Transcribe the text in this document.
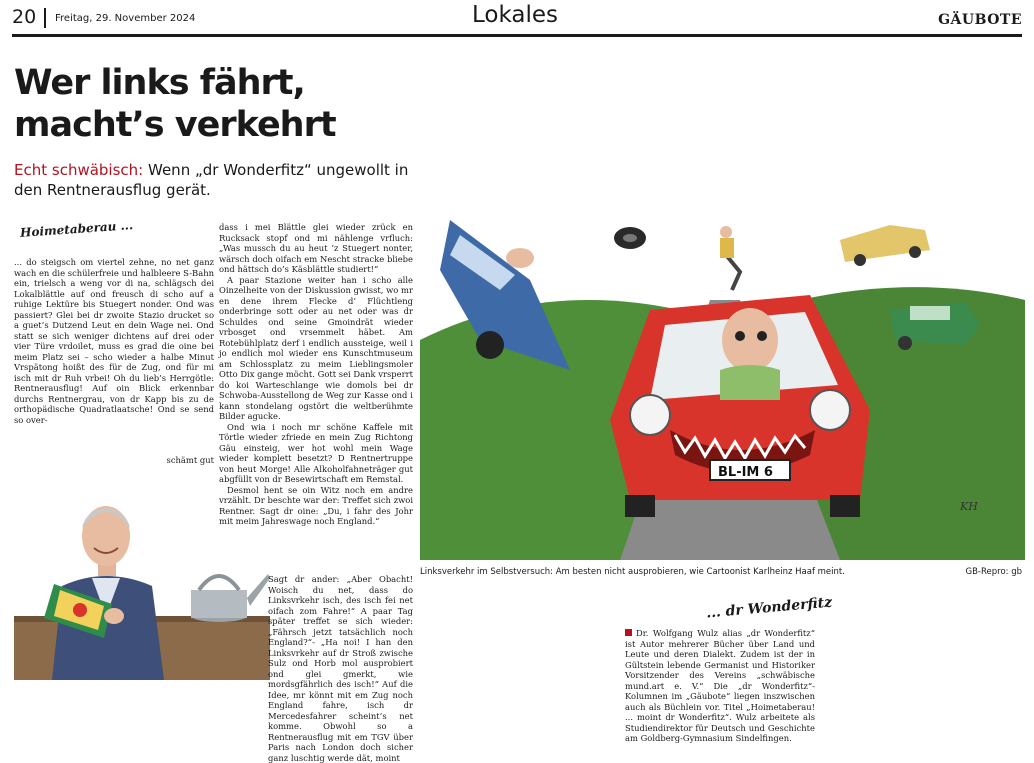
20 Freitag, 29. November 2024	Lokales	GÄUBOTE
Wer links fährt,
macht’s verkehrt
Echt schwäbisch: Wenn „dr Wonderfitz“ ungewollt in den Rentnerausflug gerät.
Hoimetaberau ...

... do steigsch om viertel zehne, no net ganz wach en die schülerfreie und halbleere S-Bahn ein, trielsch a weng vor di na, schlägsch dei Lokalblättle auf ond freusch di scho auf a ruhige Lektüre bis Stuegert nonder. Ond was passiert? Glei bei dr zwoite Stazio drucket so a guet’s Dutzend Leut en dein Wage nei. Ond statt se sich weniger dichtens auf drei oder vier Türe vrdoilet, muss es grad die oine bei meim Platz sei – scho wieder a halbe Minut Vrspätong hoißt des für de Zug, ond für mi isch mit dr Ruh vrbei! Oh du lieb’s Herrgötle: Rentnerausflug! Auf oin Blick erkennbar durchs Rentnergrau, von dr Kapp bis zu de orthopädische Quadratlaatsche! Ond se send so over-

schämt gut

dass i mei Blättle glei wieder zrück en Rucksack stopf ond mi nählenge vrfluch: „Was mussch du au heut ’z Stuegert nonter, wärsch doch oifach em Nescht stracke bliebe ond hättsch do’s Käsblättle studiert!“

A paar Stazione weiter han i scho alle Oinzelheite von der Diskussion gwisst, wo mr en dene ihrem Flecke d’ Flüchtleng onderbringe sott oder au net oder was dr Schuldes ond seine Gmoindrät wieder vrbosget ond vrsemmelt häbet. Am Rotebühlplatz derf i endlich aussteige, weil i jo endlich mol wieder ens Kunschtmuseum am Schlossplatz zu meim Lieblingsmoler Otto Dix gange möcht. Gott sei Dank vrsperrt do koi Warteschlange wie domols bei dr Schwoba-Ausstellong de Weg zur Kasse ond i kann stondelang ogstört die weltberühmte Bilder agucke.

Ond wia i noch mr schöne Kaffele mit Törtle wieder zfriede en mein Zug Richtong Gäu einsteig, wer hot wohl mein Wage wieder komplett besetzt? D Rentnertruppe von heut Morge! Alle Alkoholfahneträger gut abgfüllt von dr Besewirtschaft em Remstal.

Desmol hent se oin Witz noch em andre vrzählt. Dr beschte war der: Treffet sich zwoi Rentner. Sagt dr oine: „Du, i fahr des Johr mit meim Jahreswage noch England.“

Sagt dr ander: „Aber Obacht! Woisch du net, dass do Linksvrkehr isch, des isch fei net oifach zom Fahre!“ A paar Tag später treffet se sich wieder: „Fährsch jetzt tatsächlich noch England?“- „Ha noi! I han den Linksvrkehr auf dr Stroß zwische Sulz ond Horb mol ausprobiert ond glei gmerkt, wie mordsgfährlich des isch!“ Auf die Idee, mr könnt mit em Zug noch England fahre, isch dr Mercedesfahrer scheint’s net komme. Obwohl so a Rentnerausflug mit em TGV über Paris nach London doch sicher ganz luschtig werde dät, moint

BL-IM 6
KH
Linksverkehr im Selbstversuch: Am besten nicht ausprobieren, wie Cartoonist Karlheinz Haaf meint.	GB-Repro: gb
... dr Wonderfitz

Dr. Wolfgang Wulz alias „dr Wonderfitz“ ist Autor mehrerer Bücher über Land und Leute und deren Dialekt. Zudem ist der in Gültstein lebende Germanist und Historiker Vorsitzender des Vereins „schwäbische mund.art e. V.“ Die „dr Wonderfitz“-Kolumnen im „Gäubote“ liegen inszwischen auch als Büchlein vor. Titel „Hoimetaberau! ... moint dr Wonderfitz“. Wulz arbeitete als Studiendirektor für Deutsch und Geschichte am Goldberg-Gymnasium Sindelfingen.
